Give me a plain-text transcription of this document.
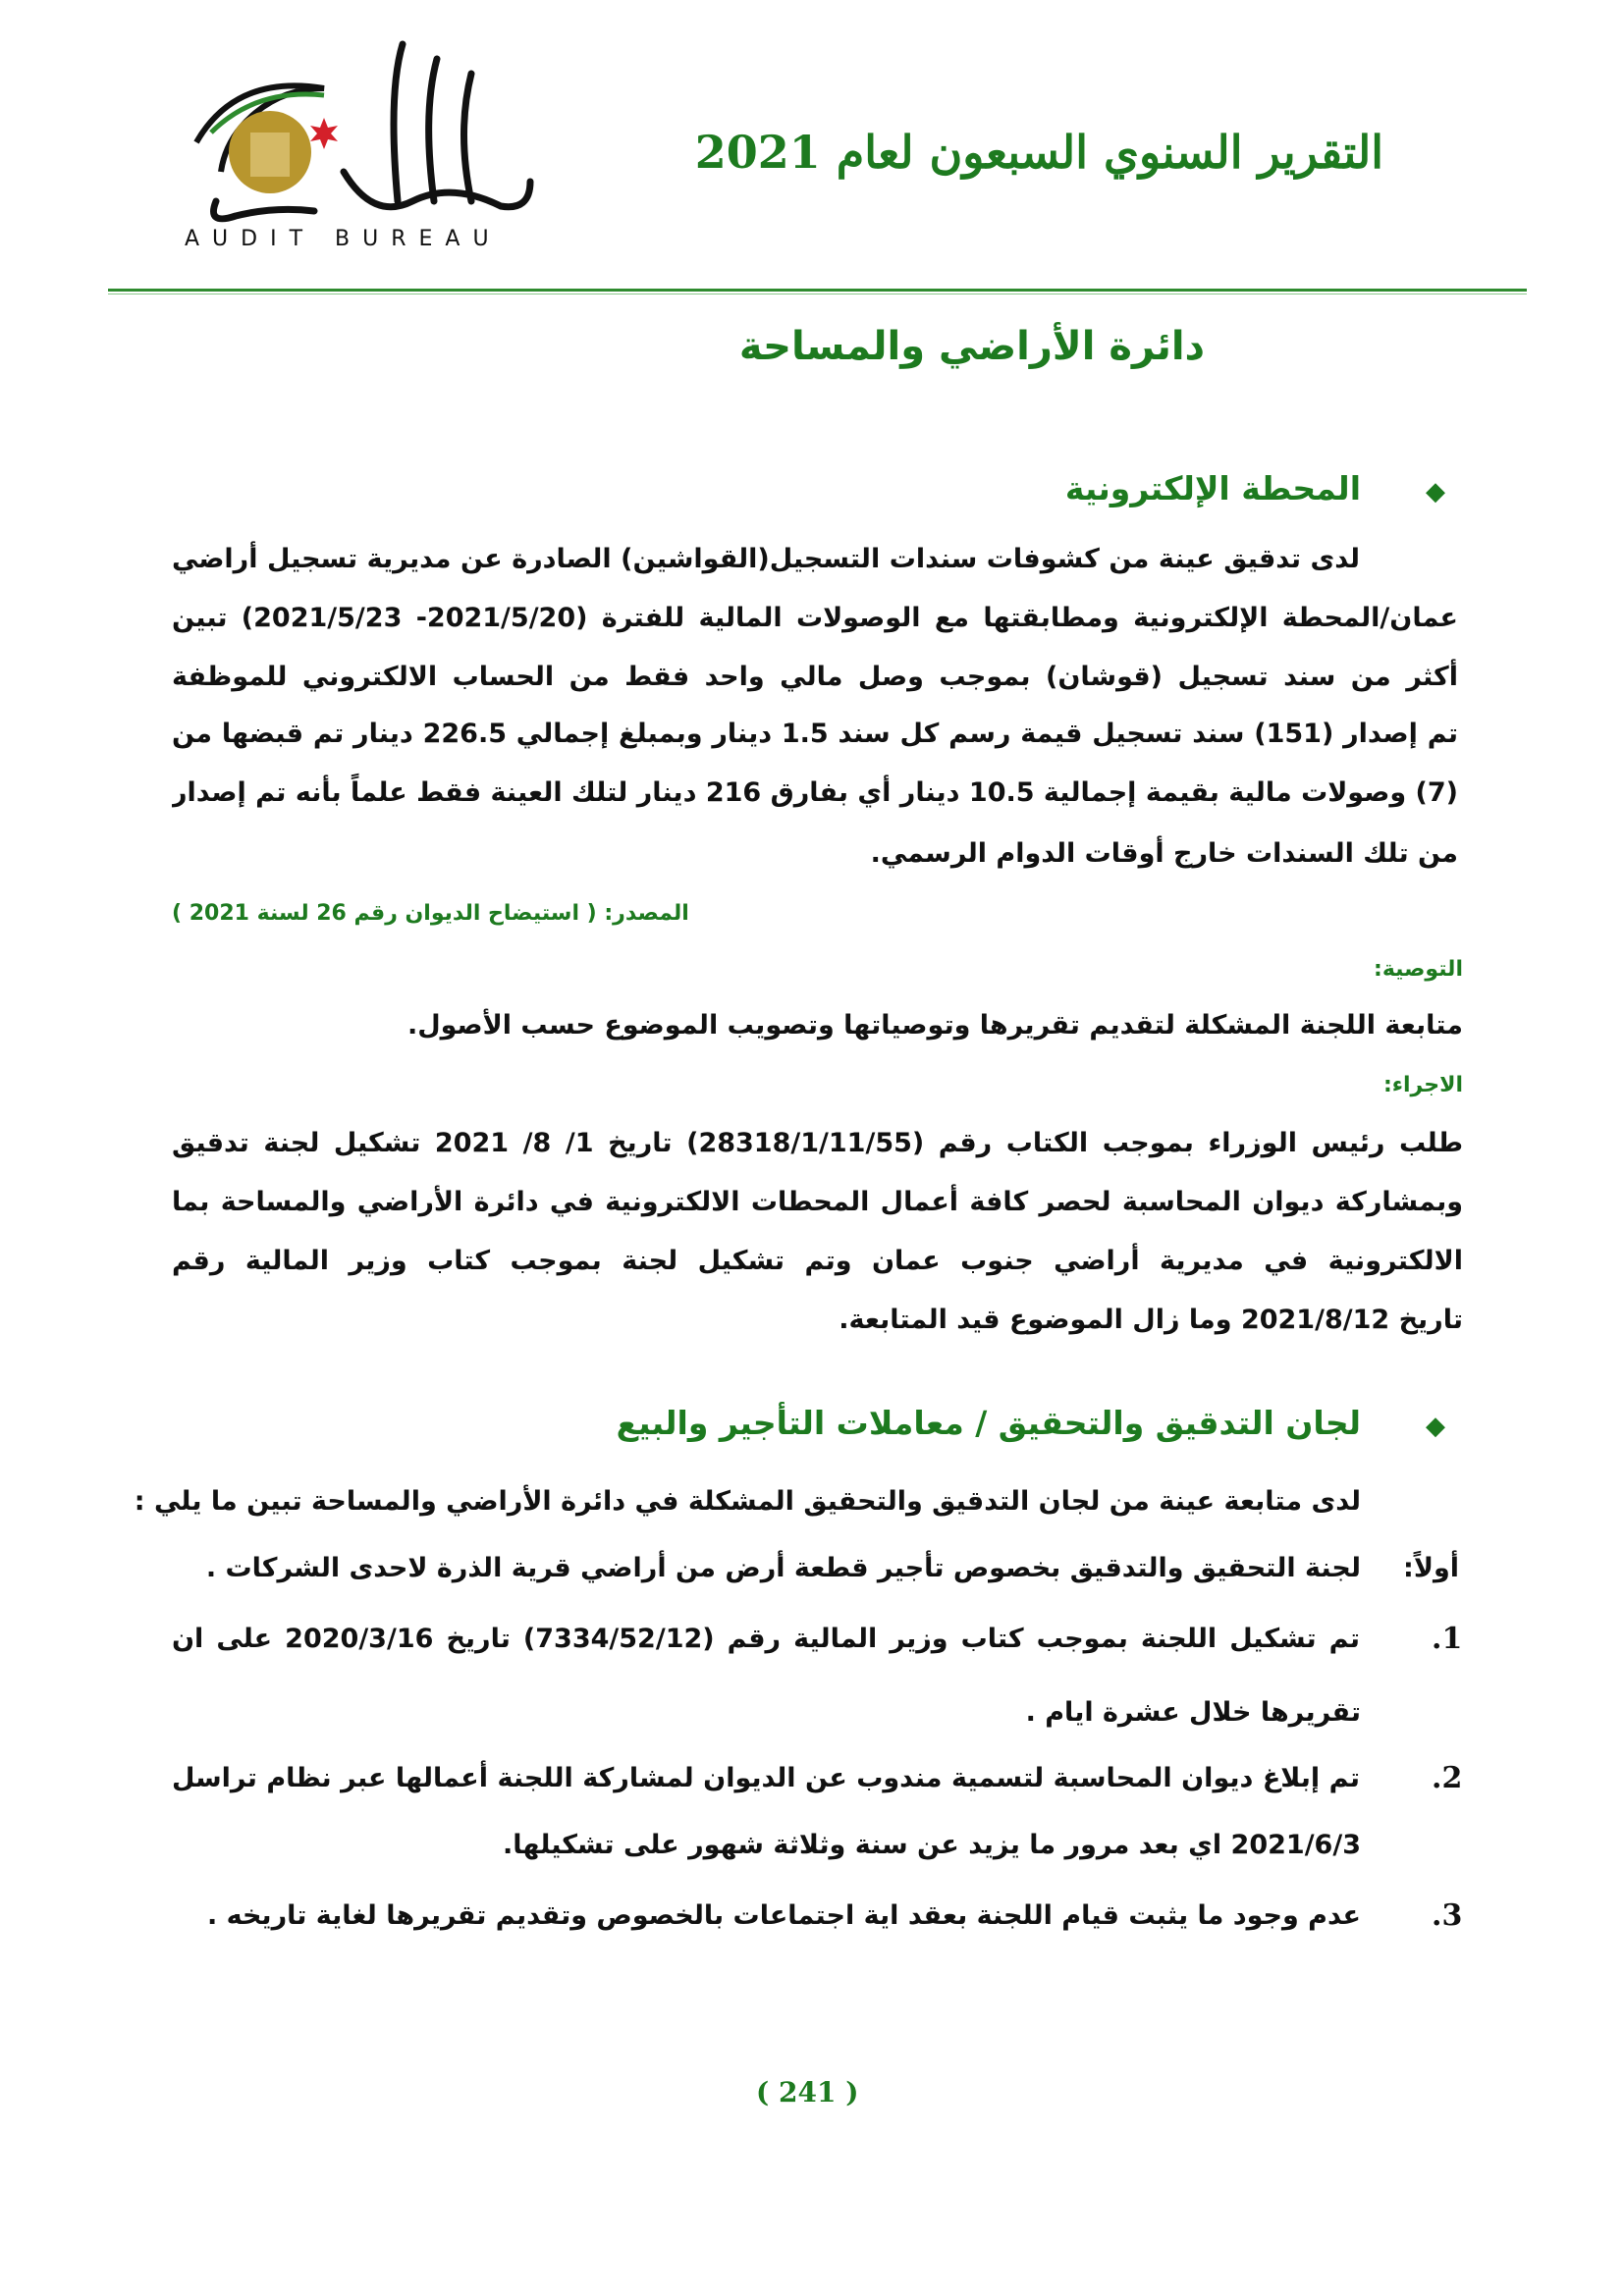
AUDIT BUREAU
التقرير السنوي السبعون لعام 2021
دائرة الأراضي والمساحة
◆
المحطة الإلكترونية
لدى تدقيق عينة من كشوفات سندات التسجيل(القواشين) الصادرة عن مديرية تسجيل أراضي
عمان/المحطة الإلكترونية ومطابقتها مع الوصولات المالية للفترة (2021/5/20- 2021/5/23) تبين
أكثر من سند تسجيل (قوشان) بموجب وصل مالي واحد فقط من الحساب الالكتروني للموظفة
تم إصدار (151) سند تسجيل قيمة رسم كل سند 1.5 دينار وبمبلغ إجمالي 226.5 دينار تم قبضها من
(7) وصولات مالية بقيمة إجمالية 10.5 دينار أي بفارق 216 دينار لتلك العينة فقط علماً بأنه تم إصدار
من تلك السندات خارج أوقات الدوام الرسمي.
المصدر: ( استيضاح الديوان رقم 26 لسنة 2021 )
التوصية:
متابعة اللجنة المشكلة لتقديم تقريرها وتوصياتها وتصويب الموضوع حسب الأصول.
الاجراء:
طلب رئيس الوزراء بموجب الكتاب رقم (28318/1/11/55) تاريخ 1/ 8/ 2021 تشكيل لجنة تدقيق
وبمشاركة ديوان المحاسبة لحصر كافة أعمال المحطات الالكترونية في دائرة الأراضي والمساحة بما
الالكترونية في مديرية أراضي جنوب عمان وتم تشكيل لجنة بموجب كتاب وزير المالية رقم
تاريخ 2021/8/12 وما زال الموضوع قيد المتابعة.
◆
لجان التدقيق والتحقيق / معاملات التأجير والبيع
لدى متابعة عينة من لجان التدقيق والتحقيق المشكلة في دائرة الأراضي والمساحة تبين ما يلي :
أولاً:
لجنة التحقيق والتدقيق بخصوص تأجير قطعة أرض من أراضي قرية الذرة لاحدى الشركات .
1.
تم تشكيل اللجنة بموجب كتاب وزير المالية رقم (7334/52/12) تاريخ 2020/3/16 على ان
تقريرها خلال عشرة ايام .
2.
تم إبلاغ ديوان المحاسبة لتسمية مندوب عن الديوان لمشاركة اللجنة أعمالها عبر نظام تراسل
2021/6/3 اي بعد مرور ما يزيد عن سنة وثلاثة شهور على تشكيلها.
3.
عدم وجود ما يثبت قيام اللجنة بعقد اية اجتماعات بالخصوص وتقديم تقريرها لغاية تاريخه .
( 241 )
